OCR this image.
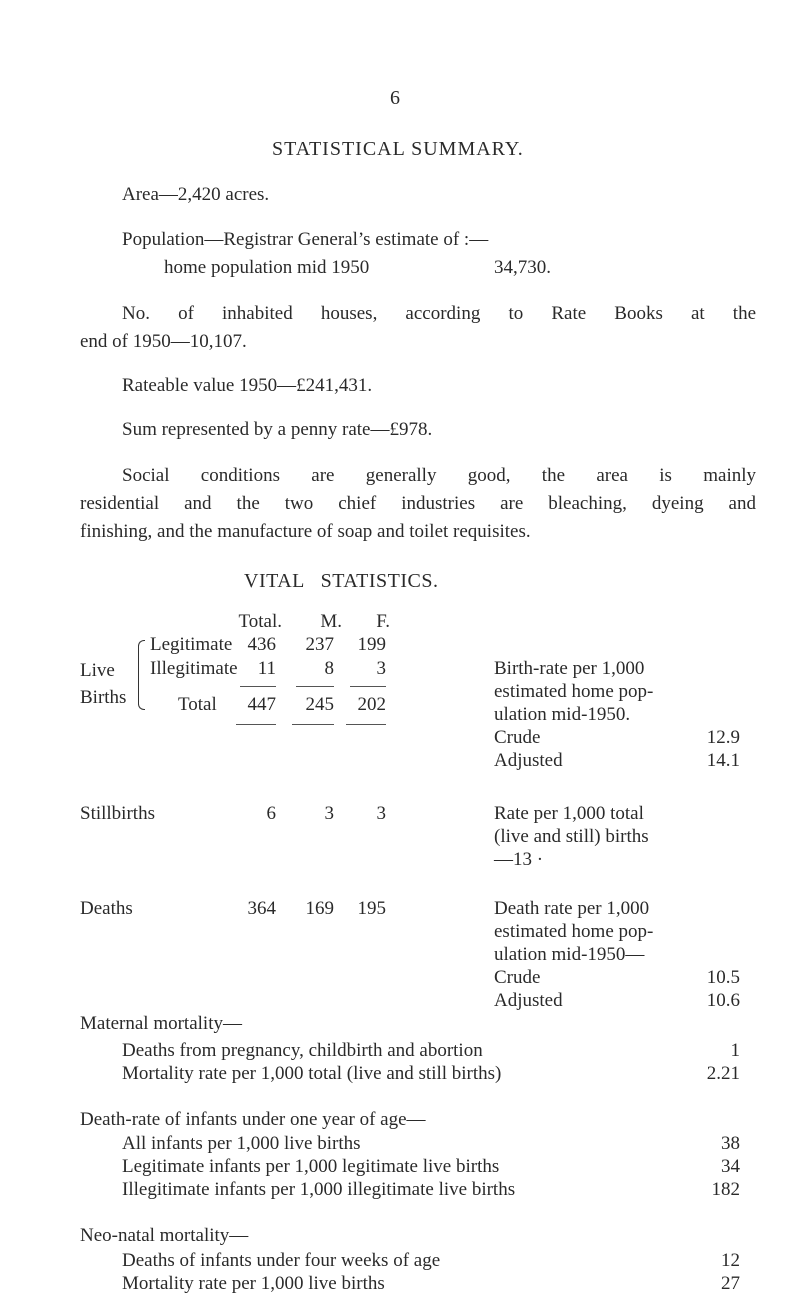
6
STATISTICAL SUMMARY.
Area—2,420 acres.
Population—Registrar General’s estimate of :—
home population mid 1950	34,730.
No. of inhabited houses, according to Rate Books at the
end of 1950—10,107.
Rateable value 1950—£241,431.
Sum represented by a penny rate—£978.
Social conditions are generally good, the area is mainly
residential and the two chief industries are bleaching, dyeing and
finishing, and the manufacture of soap and toilet requisites.
VITAL   STATISTICS.
Total.	M.	F.
Live
Births
Legitimate 436	237	199
Illegitimate	11	8	3
Total	447	245	202
Birth-rate per 1,000
estimated home pop-
ulation mid-1950.
Crude	12.9
Adjusted	14.1
Stillbirths	6	3	3	Rate per 1,000 total
(live and still) births
—13 ·
Deaths	364	169	195	Death rate per 1,000
estimated home pop-
ulation mid-1950—
Crude	10.5
Adjusted	10.6
Maternal mortality—
Deaths from pregnancy, childbirth and abortion	1
Mortality rate per 1,000 total (live and still births)	2.21
Death-rate of infants under one year of age—
All infants per 1,000 live births	38
Legitimate infants per 1,000 legitimate live births	34
Illegitimate infants per 1,000 illegitimate live births	182
Neo-natal mortality—
Deaths of infants under four weeks of age	12
Mortality rate per 1,000 live births	27
